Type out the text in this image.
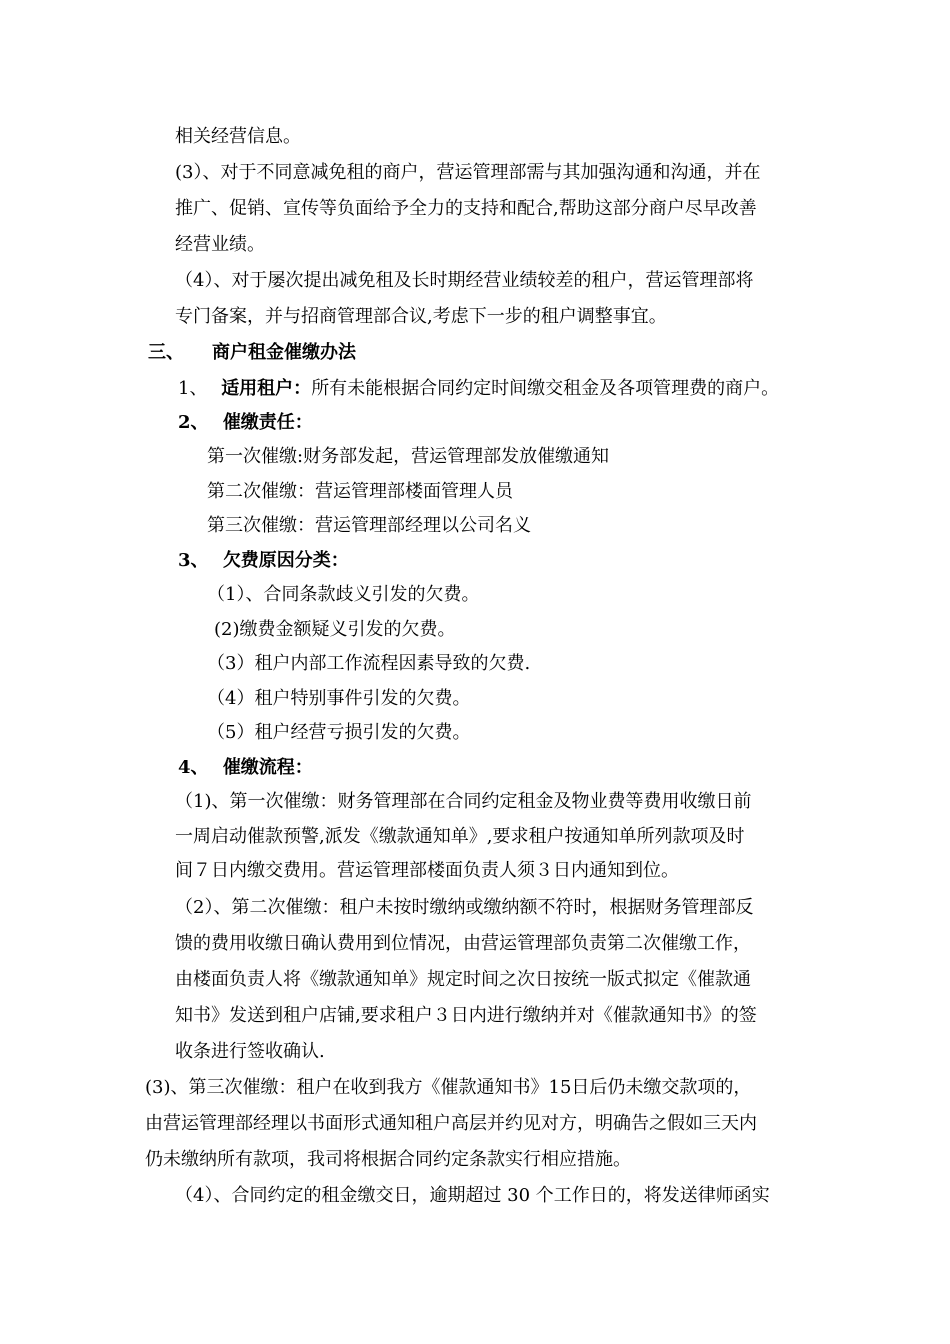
相关经营信息。
(3）、对于不同意减免租的商户，营运管理部需与其加强沟通和沟通，并在
推广、促销、宣传等负面给予全力的支持和配合,帮助这部分商户尽早改善
经营业绩。
（4）、对于屡次提出减免租及长时期经营业绩较差的租户，营运管理部将
专门备案，并与招商管理部合议,考虑下一步的租户调整事宜。
三、 商户租金催缴办法
1、 适用租户：所有未能根据合同约定时间缴交租金及各项管理费的商户。
2、 催缴责任：
第一次催缴:财务部发起，营运管理部发放催缴通知
第二次催缴：营运管理部楼面管理人员
第三次催缴：营运管理部经理以公司名义
3、 欠费原因分类：
（1）、合同条款歧义引发的欠费。
(2)缴费金额疑义引发的欠费。
（3）租户内部工作流程因素导致的欠费.
（4）租户特别事件引发的欠费。
（5）租户经营亏损引发的欠费。
4、 催缴流程：
（1)、第一次催缴：财务管理部在合同约定租金及物业费等费用收缴日前
一周启动催款预警,派发《缴款通知单》,要求租户按通知单所列款项及时
间７日内缴交费用。营运管理部楼面负责人须３日内通知到位。
（2）、第二次催缴：租户未按时缴纳或缴纳额不符时，根据财务管理部反
馈的费用收缴日确认费用到位情况，由营运管理部负责第二次催缴工作，
由楼面负责人将《缴款通知单》规定时间之次日按统一版式拟定《催款通
知书》发送到租户店铺,要求租户３日内进行缴纳并对《催款通知书》的签
收条进行签收确认.
(3)、第三次催缴：租户在收到我方《催款通知书》15日后仍未缴交款项的，
由营运管理部经理以书面形式通知租户高层并约见对方，明确告之假如三天内
仍未缴纳所有款项，我司将根据合同约定条款实行相应措施。
（4）、合同约定的租金缴交日，逾期超过 30 个工作日的，将发送律师函实
